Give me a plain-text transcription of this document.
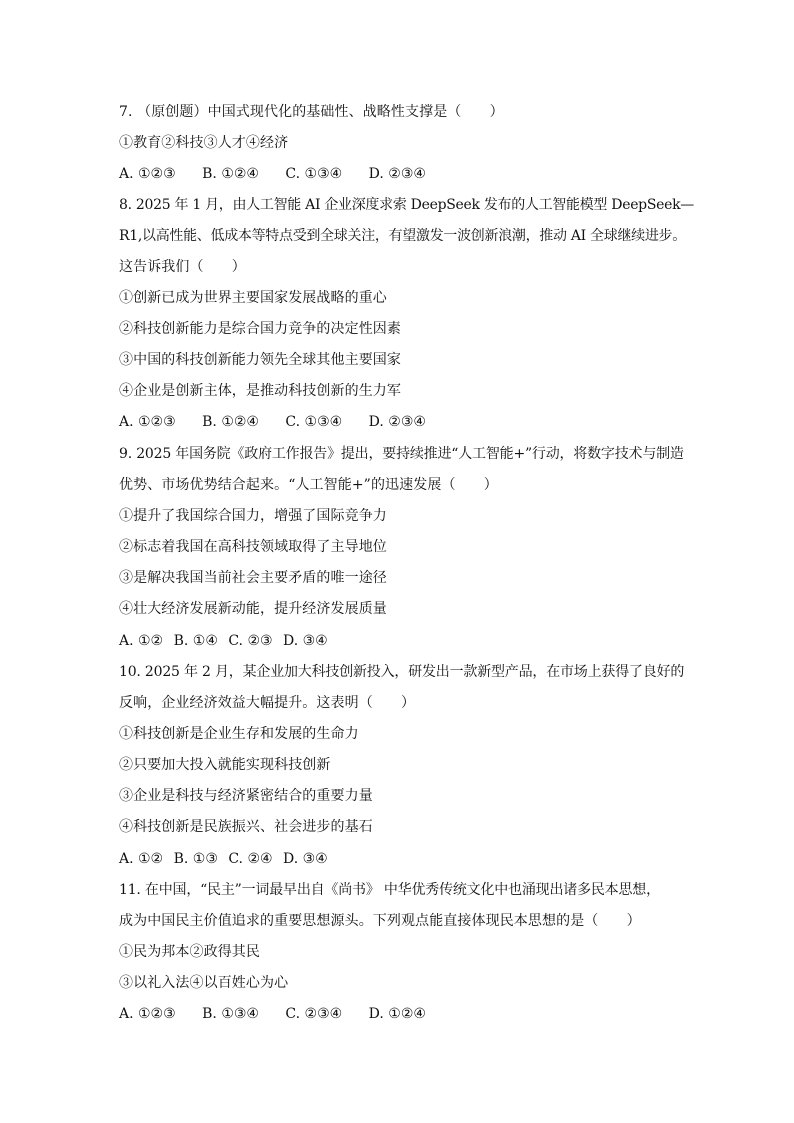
7. （原创题）中国式现代化的基础性、战略性支撑是（　　）
①教育②科技③人才④经济
A. ①②③ B. ①②④ C. ①③④ D. ②③④
8. 2025 年 1 月，由人工智能 AI 企业深度求索 DeepSeek 发布的人工智能模型 DeepSeek—
R1,以高性能、低成本等特点受到全球关注，有望激发一波创新浪潮，推动 AI 全球继续进步。
这告诉我们（　　）
①创新已成为世界主要国家发展战略的重心
②科技创新能力是综合国力竞争的决定性因素
③中国的科技创新能力领先全球其他主要国家
④企业是创新主体，是推动科技创新的生力军
A. ①②③ B. ①②④ C. ①③④ D. ②③④
9. 2025 年国务院《政府工作报告》提出，要持续推进“人工智能+”行动，将数字技术与制造
优势、市场优势结合起来。“人工智能+”的迅速发展（　　）
①提升了我国综合国力，增强了国际竞争力
②标志着我国在高科技领域取得了主导地位
③是解决我国当前社会主要矛盾的唯一途径
④壮大经济发展新动能，提升经济发展质量
A. ①② B. ①④ C. ②③ D. ③④
10. 2025 年 2 月，某企业加大科技创新投入，研发出一款新型产品，在市场上获得了良好的
反响，企业经济效益大幅提升。这表明（　　）
①科技创新是企业生存和发展的生命力
②只要加大投入就能实现科技创新
③企业是科技与经济紧密结合的重要力量
④科技创新是民族振兴、社会进步的基石
A. ①② B. ①③ C. ②④ D. ③④
11. 在中国，“民主”一词最早出自《尚书》 中华优秀传统文化中也涌现出诸多民本思想，
成为中国民主价值追求的重要思想源头。下列观点能直接体现民本思想的是（　　）
①民为邦本②政得其民
③以礼入法④以百姓心为心
A. ①②③ B. ①③④ C. ②③④ D. ①②④
